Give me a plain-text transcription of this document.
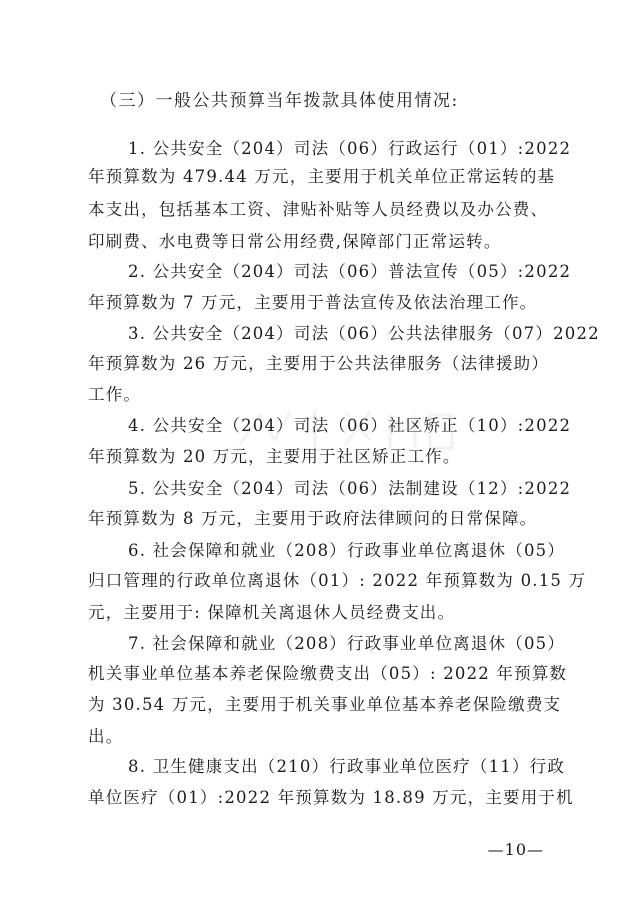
（三）一般公共预算当年拨款具体使用情况:
1. 公共安全（204）司法（06）行政运行（01）:2022
年预算数为 479.44 万元，主要用于机关单位正常运转的基
本支出，包括基本工资、津贴补贴等人员经费以及办公费、
印刷费、水电费等日常公用经费,保障部门正常运转。
2. 公共安全（204）司法（06）普法宣传（05）:2022
年预算数为 7 万元，主要用于普法宣传及依法治理工作。
3. 公共安全（204）司法（06）公共法律服务（07）2022
年预算数为 26 万元，主要用于公共法律服务（法律援助）
工作。
4. 公共安全（204）司法（06）社区矫正（10）:2022
年预算数为 20 万元，主要用于社区矫正工作。
5. 公共安全（204）司法（06）法制建设（12）:2022
年预算数为 8 万元，主要用于政府法律顾问的日常保障。
6. 社会保障和就业（208）行政事业单位离退休（05）
归口管理的行政单位离退休（01）: 2022 年预算数为 0.15 万
元，主要用于: 保障机关离退休人员经费支出。
7. 社会保障和就业（208）行政事业单位离退休（05）
机关事业单位基本养老保险缴费支出（05）: 2022 年预算数
为 30.54 万元，主要用于机关事业单位基本养老保险缴费支
出。
8. 卫生健康支出（210）行政事业单位医疗（11）行政
单位医疗（01）:2022 年预算数为 18.89 万元，主要用于机
—10—
